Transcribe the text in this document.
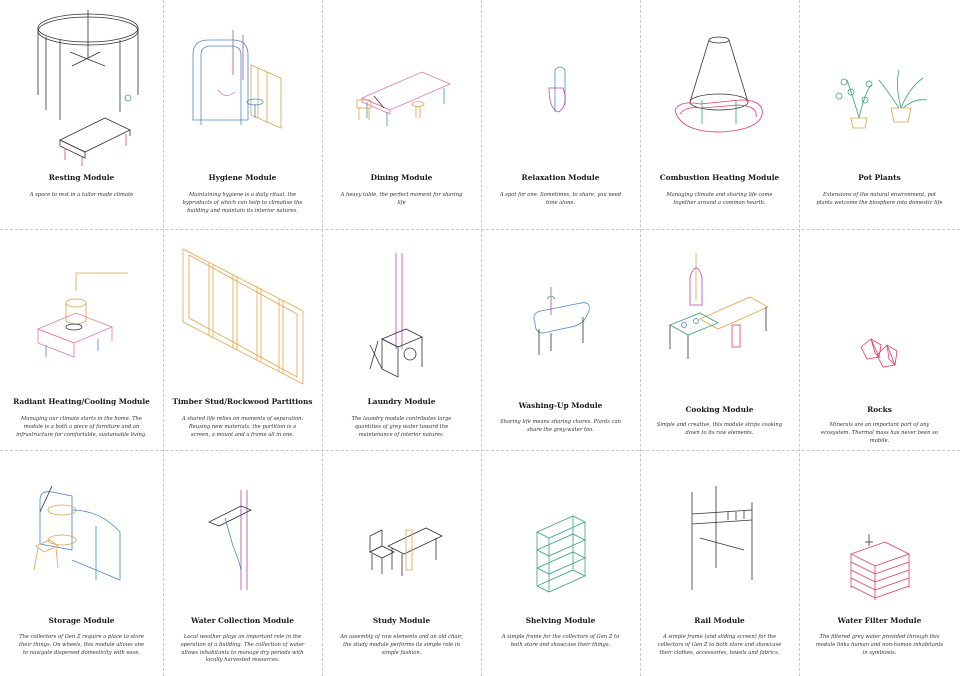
Resting Module
A space to rest in a tailor made climate
Hygiene Module
Maintaining hygiene is a daily ritual, the byproducts of which can help to climatise the building and maintain its interior natures.
Dining Module
A heavy table, the perfect moment for sharing life
Relaxation Module
A spot for one. Sometimes, to share, you need time alone.
Combustion Heating Module
Managing climate and sharing life come together around a common hearth.
Pot Plants
Extensions of the natural environment, pot plants welcome the biosphere into domestic life
Radiant Heating/Cooling Module
Managing our climate starts in the home. The module is a both a piece of furniture and an infrastructure for comfortable, sustainable living.
Timber Stud/Rockwood Partitions
A shared life relies on moments of separation. Reusing new materials, the partition is a screen, a mount and a frame all in one.
Laundry Module
The laundry module contributes large quantities of grey water toward the maintenance of interior natures.
Washing-Up Module
Sharing life means sharing chores. Plants can share the grey-water too.
Cooking Module
Simple and creative, this module strips cooking down to its raw elements.
Rocks
Minerals are an important part of any ecosystem. Thermal mass has never been so mobile.
Storage Module
The collectors of Gen Z require a place to store their things. On wheels, this module allows one to navigate dispersed domesticity with ease.
Water Collection Module
Local weather plays an important role in the operation of a building. The collection of water allows inhabitants to manage dry periods with locally harvested resources.
Study Module
An assembly of raw elements and an old chair, the study module performs its simple role in simple fashion.
Shelving Module
A simple frame for the collectors of Gen Z to both store and showcase their things.
Rail Module
A simple frame (and sliding screen) for the collectors of Gen Z to both store and showcase their clothes, accessories, towels and fabrics.
Water Filter Module
The filtered grey water provided through this module links human and non-human inhabitants in symbiosis.
